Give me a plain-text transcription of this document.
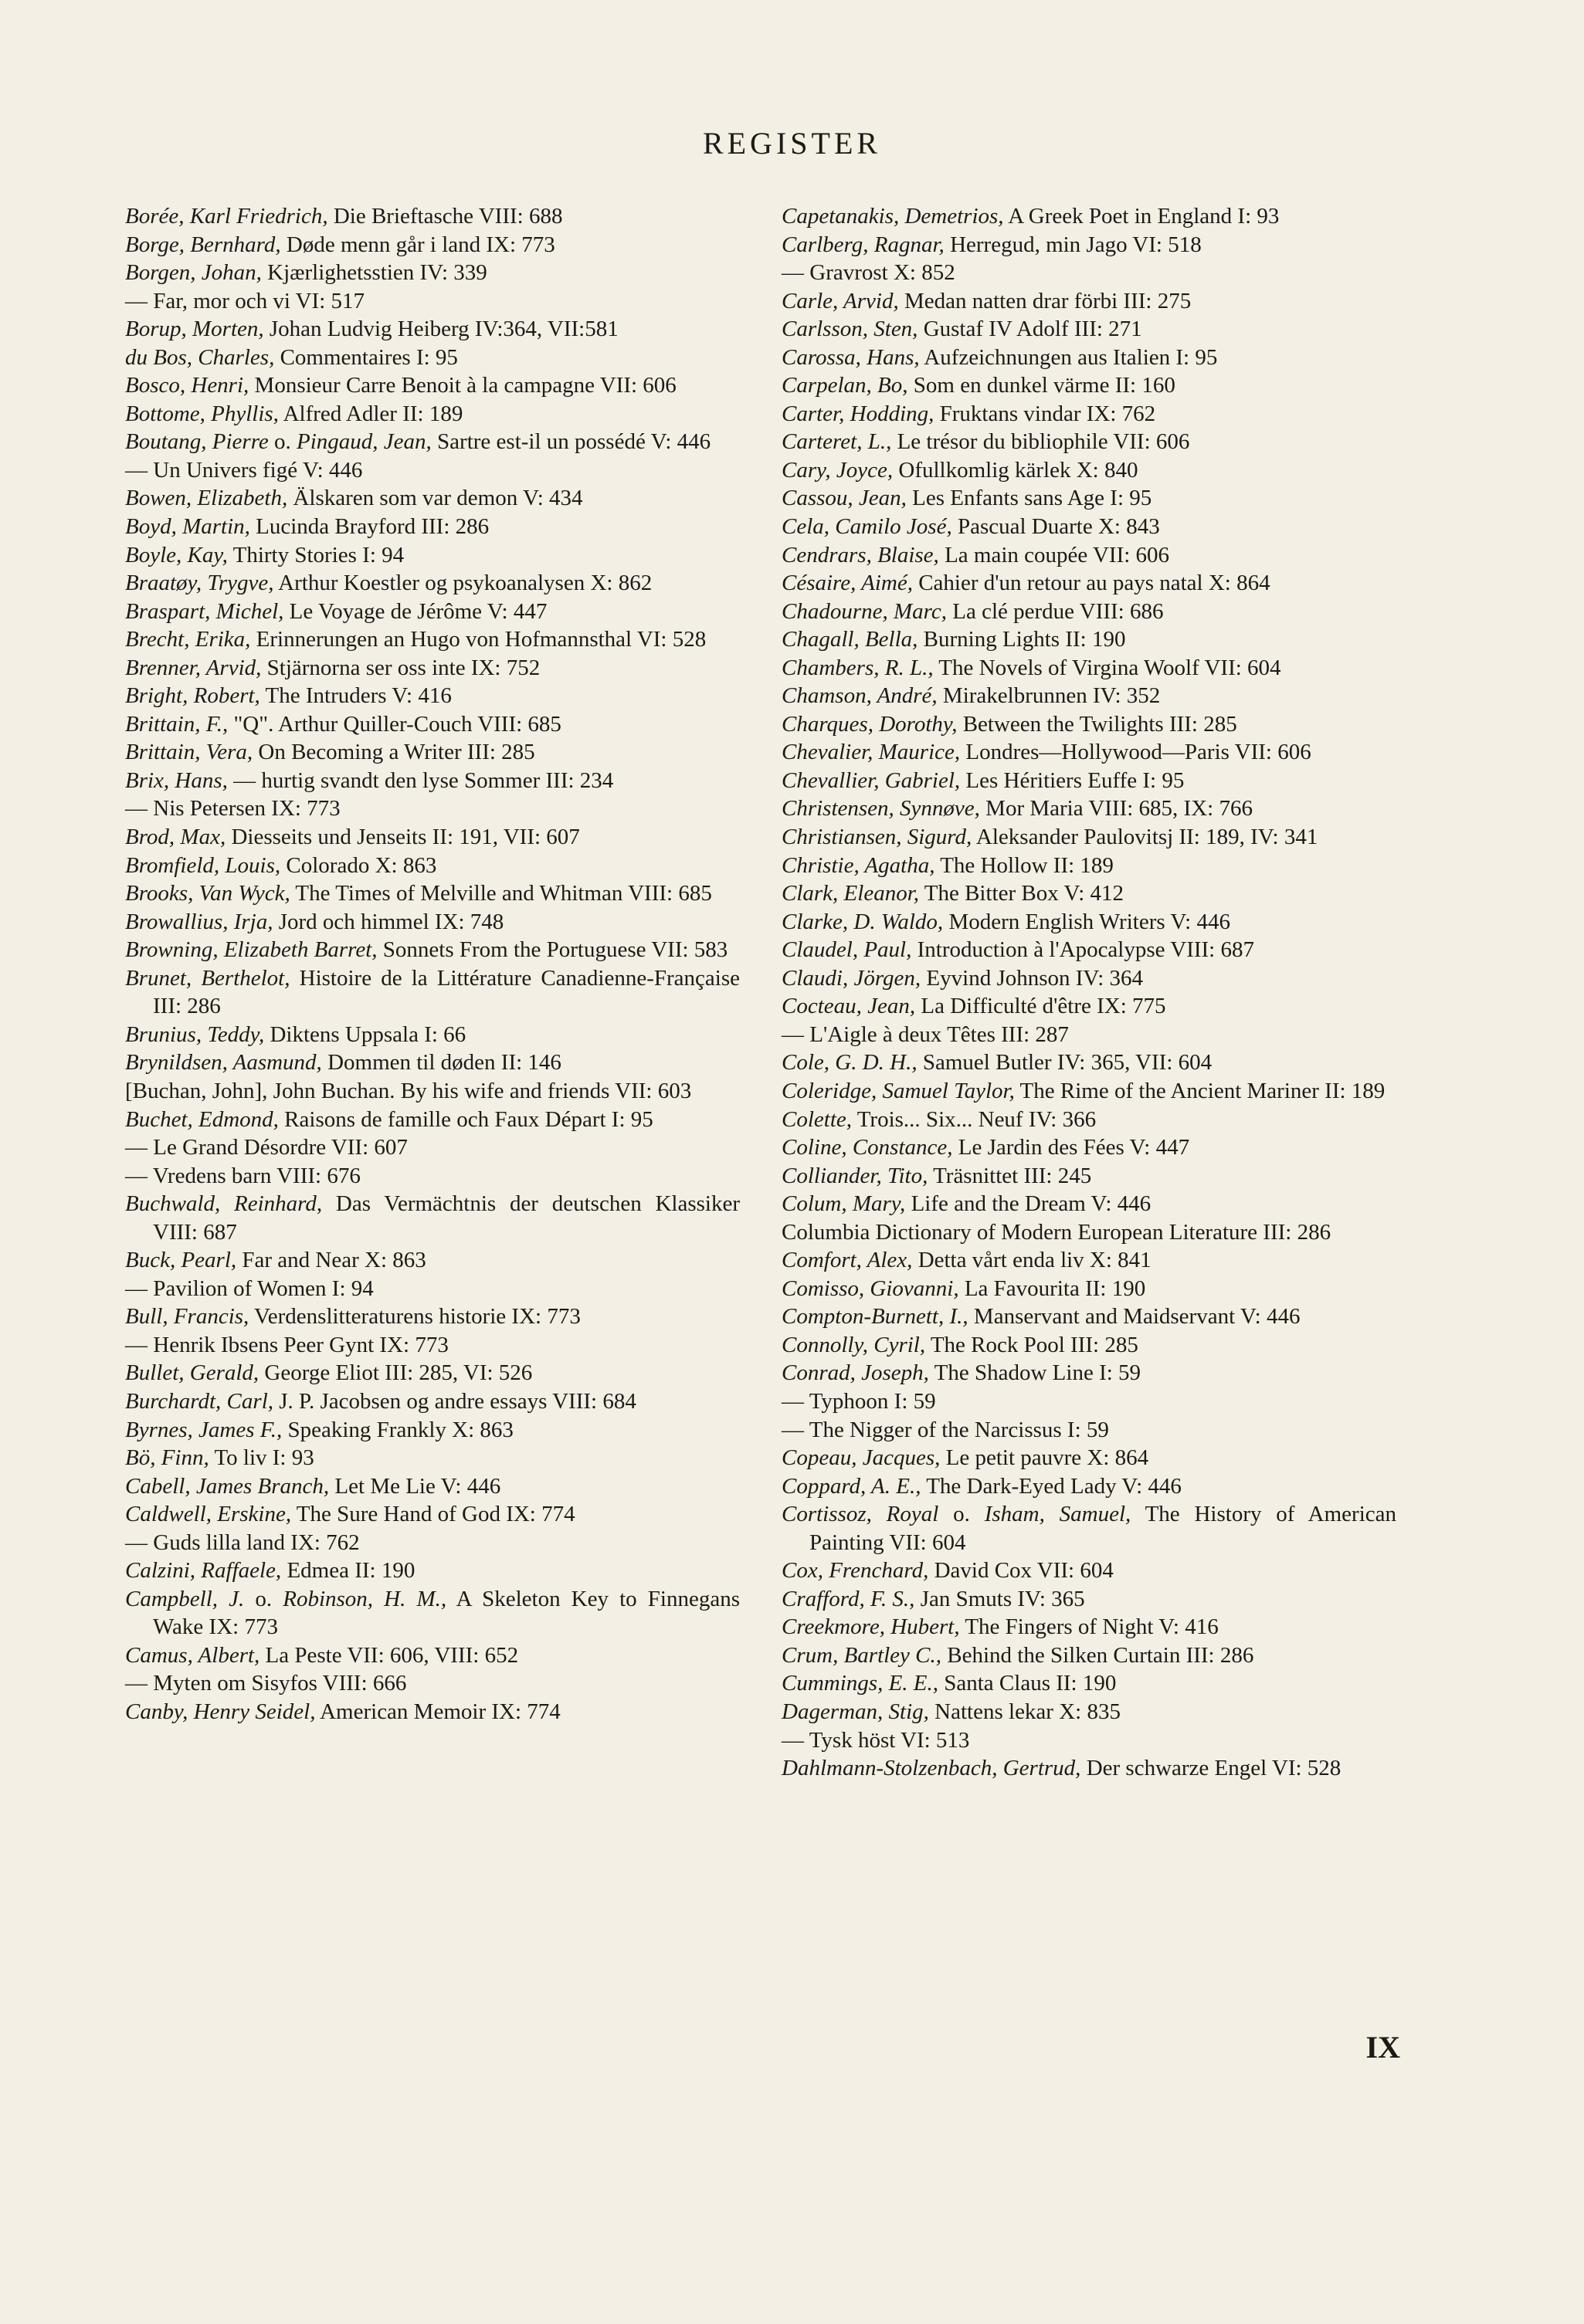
REGISTER
Borée, Karl Friedrich, Die Brieftasche VIII: 688
Borge, Bernhard, Døde menn går i land IX: 773
Borgen, Johan, Kjærlighetsstien IV: 339
— Far, mor och vi VI: 517
Borup, Morten, Johan Ludvig Heiberg IV:364, VII:581
du Bos, Charles, Commentaires I: 95
Bosco, Henri, Monsieur Carre Benoit à la campagne VII: 606
Bottome, Phyllis, Alfred Adler II: 189
Boutang, Pierre o. Pingaud, Jean, Sartre est-il un possédé V: 446
— Un Univers figé V: 446
Bowen, Elizabeth, Älskaren som var demon V: 434
Boyd, Martin, Lucinda Brayford III: 286
Boyle, Kay, Thirty Stories I: 94
Braatøy, Trygve, Arthur Koestler og psykoanalysen X: 862
Braspart, Michel, Le Voyage de Jérôme V: 447
Brecht, Erika, Erinnerungen an Hugo von Hofmannsthal VI: 528
Brenner, Arvid, Stjärnorna ser oss inte IX: 752
Bright, Robert, The Intruders V: 416
Brittain, F., "Q". Arthur Quiller-Couch VIII: 685
Brittain, Vera, On Becoming a Writer III: 285
Brix, Hans, — hurtig svandt den lyse Sommer III: 234
— Nis Petersen IX: 773
Brod, Max, Diesseits und Jenseits II: 191, VII: 607
Bromfield, Louis, Colorado X: 863
Brooks, Van Wyck, The Times of Melville and Whitman VIII: 685
Browallius, Irja, Jord och himmel IX: 748
Browning, Elizabeth Barret, Sonnets From the Portuguese VII: 583
Brunet, Berthelot, Histoire de la Littérature Canadienne-Française III: 286
Brunius, Teddy, Diktens Uppsala I: 66
Brynildsen, Aasmund, Dommen til døden II: 146
[Buchan, John], John Buchan. By his wife and friends VII: 603
Buchet, Edmond, Raisons de famille och Faux Départ I: 95
— Le Grand Désordre VII: 607
— Vredens barn VIII: 676
Buchwald, Reinhard, Das Vermächtnis der deutschen Klassiker VIII: 687
Buck, Pearl, Far and Near X: 863
— Pavilion of Women I: 94
Bull, Francis, Verdenslitteraturens historie IX: 773
— Henrik Ibsens Peer Gynt IX: 773
Bullet, Gerald, George Eliot III: 285, VI: 526
Burchardt, Carl, J. P. Jacobsen og andre essays VIII: 684
Byrnes, James F., Speaking Frankly X: 863
Bö, Finn, To liv I: 93
Cabell, James Branch, Let Me Lie V: 446
Caldwell, Erskine, The Sure Hand of God IX: 774
— Guds lilla land IX: 762
Calzini, Raffaele, Edmea II: 190
Campbell, J. o. Robinson, H. M., A Skeleton Key to Finnegans Wake IX: 773
Camus, Albert, La Peste VII: 606, VIII: 652
— Myten om Sisyfos VIII: 666
Canby, Henry Seidel, American Memoir IX: 774
Capetanakis, Demetrios, A Greek Poet in England I: 93
Carlberg, Ragnar, Herregud, min Jago VI: 518
— Gravrost X: 852
Carle, Arvid, Medan natten drar förbi III: 275
Carlsson, Sten, Gustaf IV Adolf III: 271
Carossa, Hans, Aufzeichnungen aus Italien I: 95
Carpelan, Bo, Som en dunkel värme II: 160
Carter, Hodding, Fruktans vindar IX: 762
Carteret, L., Le trésor du bibliophile VII: 606
Cary, Joyce, Ofullkomlig kärlek X: 840
Cassou, Jean, Les Enfants sans Age I: 95
Cela, Camilo José, Pascual Duarte X: 843
Cendrars, Blaise, La main coupée VII: 606
Césaire, Aimé, Cahier d'un retour au pays natal X: 864
Chadourne, Marc, La clé perdue VIII: 686
Chagall, Bella, Burning Lights II: 190
Chambers, R. L., The Novels of Virgina Woolf VII: 604
Chamson, André, Mirakelbrunnen IV: 352
Charques, Dorothy, Between the Twilights III: 285
Chevalier, Maurice, Londres—Hollywood—Paris VII: 606
Chevallier, Gabriel, Les Héritiers Euffe I: 95
Christensen, Synnøve, Mor Maria VIII: 685, IX: 766
Christiansen, Sigurd, Aleksander Paulovitsj II: 189, IV: 341
Christie, Agatha, The Hollow II: 189
Clark, Eleanor, The Bitter Box V: 412
Clarke, D. Waldo, Modern English Writers V: 446
Claudel, Paul, Introduction à l'Apocalypse VIII: 687
Claudi, Jörgen, Eyvind Johnson IV: 364
Cocteau, Jean, La Difficulté d'être IX: 775
— L'Aigle à deux Têtes III: 287
Cole, G. D. H., Samuel Butler IV: 365, VII: 604
Coleridge, Samuel Taylor, The Rime of the Ancient Mariner II: 189
Colette, Trois... Six... Neuf IV: 366
Coline, Constance, Le Jardin des Fées V: 447
Colliander, Tito, Träsnittet III: 245
Colum, Mary, Life and the Dream V: 446
Columbia Dictionary of Modern European Literature III: 286
Comfort, Alex, Detta vårt enda liv X: 841
Comisso, Giovanni, La Favourita II: 190
Compton-Burnett, I., Manservant and Maidservant V: 446
Connolly, Cyril, The Rock Pool III: 285
Conrad, Joseph, The Shadow Line I: 59
— Typhoon I: 59
— The Nigger of the Narcissus I: 59
Copeau, Jacques, Le petit pauvre X: 864
Coppard, A. E., The Dark-Eyed Lady V: 446
Cortissoz, Royal o. Isham, Samuel, The History of American Painting VII: 604
Cox, Frenchard, David Cox VII: 604
Crafford, F. S., Jan Smuts IV: 365
Creekmore, Hubert, The Fingers of Night V: 416
Crum, Bartley C., Behind the Silken Curtain III: 286
Cummings, E. E., Santa Claus II: 190
Dagerman, Stig, Nattens lekar X: 835
— Tysk höst VI: 513
Dahlmann-Stolzenbach, Gertrud, Der schwarze Engel VI: 528
IX
